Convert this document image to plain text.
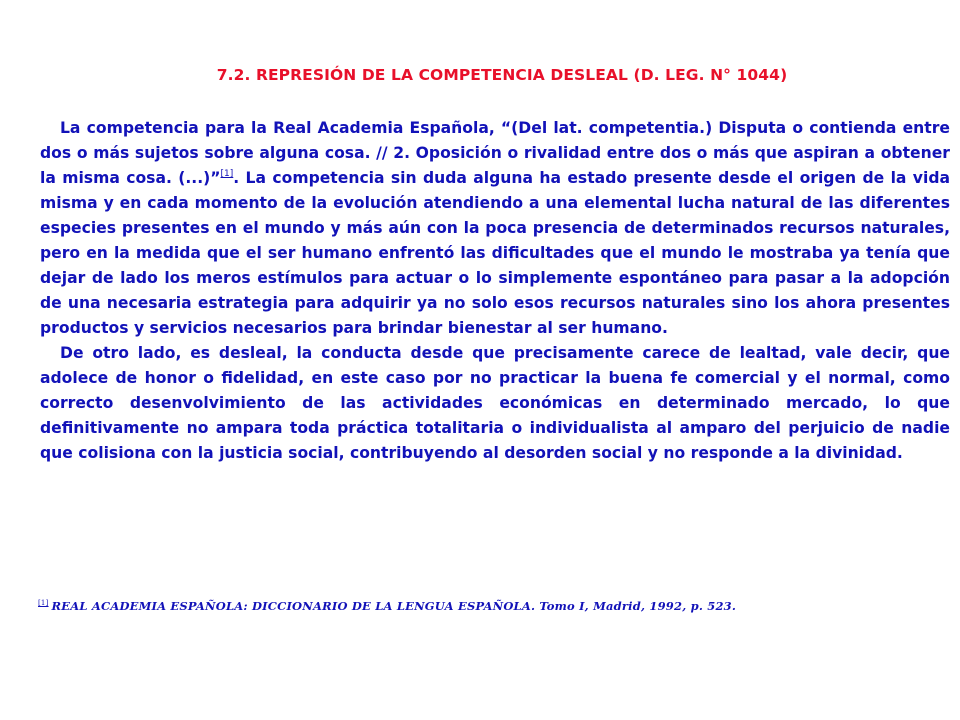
7.2. REPRESIÓN DE LA COMPETENCIA DESLEAL (D. LEG. N° 1044)

La competencia para la Real Academia Española, “(Del lat. competentia.) Disputa o contienda entre dos o más sujetos sobre alguna cosa. // 2. Oposición o rivalidad entre dos o más que aspiran a obtener la misma cosa. (...)”[1]. La competencia sin duda alguna ha estado presente desde el origen de la vida misma y en cada momento de la evolución atendiendo a una elemental lucha natural de las diferentes especies presentes en el mundo y más aún con la poca presencia de determinados recursos naturales, pero en la medida que el ser humano enfrentó las dificultades que el mundo le mostraba ya tenía que dejar de lado los meros estímulos para actuar o lo simplemente espontáneo para pasar a la adopción de una necesaria estrategia para adquirir ya no solo esos recursos naturales sino los ahora presentes productos y servicios necesarios para brindar bienestar al ser humano.

De otro lado, es desleal, la conducta desde que precisamente carece de lealtad, vale decir, que adolece de honor o fidelidad, en este caso por no practicar la buena fe comercial y el normal, como correcto desenvolvimiento de las actividades económicas en determinado mercado, lo que definitivamente no ampara toda práctica totalitaria o individualista al amparo del perjuicio de nadie que colisiona con la justicia social, contribuyendo al desorden social y no responde a la divinidad.

[1] REAL ACADEMIA ESPAÑOLA: DICCIONARIO DE LA LENGUA ESPAÑOLA. Tomo I, Madrid, 1992, p. 523.
